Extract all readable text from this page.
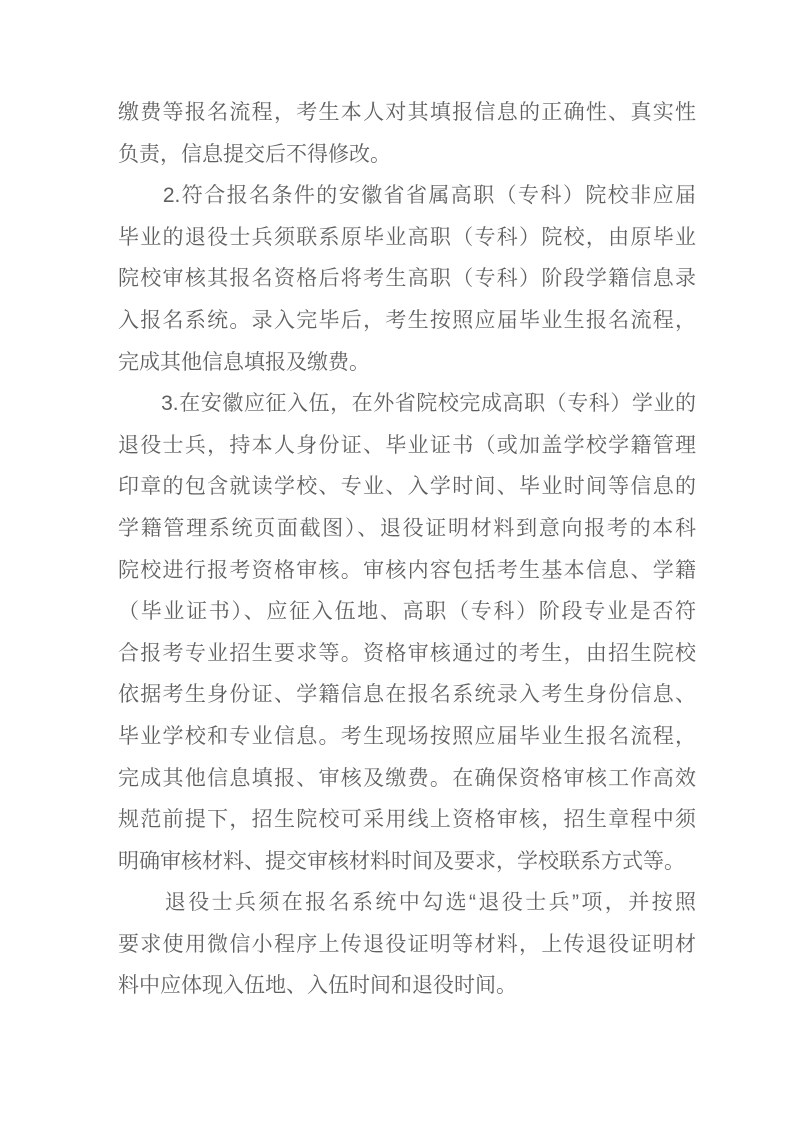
缴费等报名流程，考生本人对其填报信息的正确性、真实性
负责，信息提交后不得修改。
　　2.符合报名条件的安徽省省属高职（专科）院校非应届
毕业的退役士兵须联系原毕业高职（专科）院校，由原毕业
院校审核其报名资格后将考生高职（专科）阶段学籍信息录
入报名系统。录入完毕后，考生按照应届毕业生报名流程，
完成其他信息填报及缴费。
　　3.在安徽应征入伍，在外省院校完成高职（专科）学业的
退役士兵，持本人身份证、毕业证书（或加盖学校学籍管理
印章的包含就读学校、专业、入学时间、毕业时间等信息的
学籍管理系统页面截图）、退役证明材料到意向报考的本科
院校进行报考资格审核。审核内容包括考生基本信息、学籍
（毕业证书）、应征入伍地、高职（专科）阶段专业是否符
合报考专业招生要求等。资格审核通过的考生，由招生院校
依据考生身份证、学籍信息在报名系统录入考生身份信息、
毕业学校和专业信息。考生现场按照应届毕业生报名流程，
完成其他信息填报、审核及缴费。在确保资格审核工作高效
规范前提下，招生院校可采用线上资格审核，招生章程中须
明确审核材料、提交审核材料时间及要求，学校联系方式等。
　　退役士兵须在报名系统中勾选“退役士兵”项，并按照
要求使用微信小程序上传退役证明等材料，上传退役证明材
料中应体现入伍地、入伍时间和退役时间。
